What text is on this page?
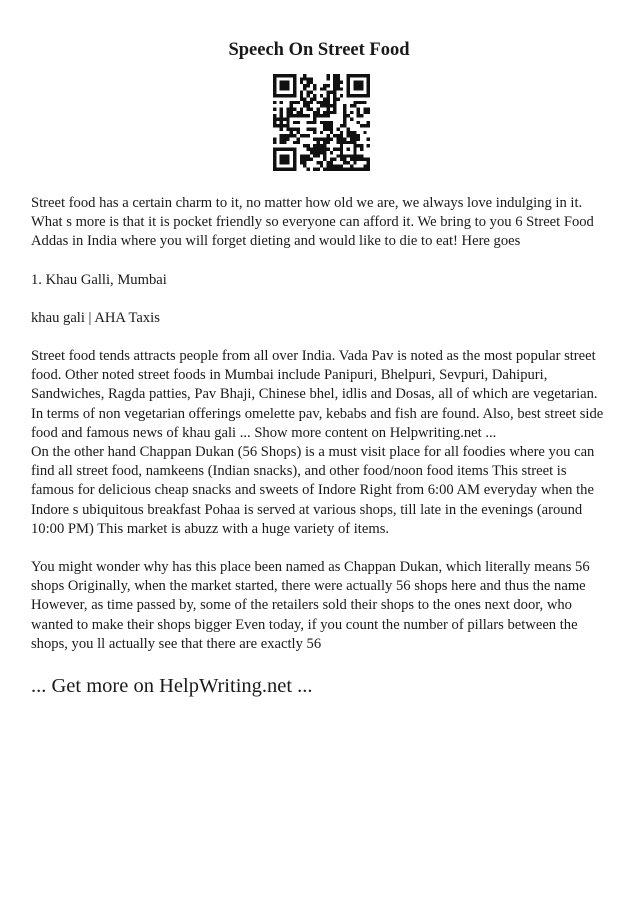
Speech On Street Food

Street food has a certain charm to it, no matter how old we are, we always love indulging in it. What s more is that it is pocket friendly so everyone can afford it. We bring to you 6 Street Food Addas in India where you will forget dieting and would like to die to eat! Here goes

1. Khau Galli, Mumbai

khau gali | AHA Taxis

Street food tends attracts people from all over India. Vada Pav is noted as the most popular street food. Other noted street foods in Mumbai include Panipuri, Bhelpuri, Sevpuri, Dahipuri, Sandwiches, Ragda patties, Pav Bhaji, Chinese bhel, idlis and Dosas, all of which are vegetarian. In terms of non vegetarian offerings omelette pav, kebabs and fish are found. Also, best street side food and famous news of khau gali ... Show more content on Helpwriting.net ...

On the other hand Chappan Dukan (56 Shops) is a must visit place for all foodies where you can find all street food, namkeens (Indian snacks), and other food/noon food items This street is famous for delicious cheap snacks and sweets of Indore Right from 6:00 AM everyday when the Indore s ubiquitous breakfast Pohaa is served at various shops, till late in the evenings (around 10:00 PM) This market is abuzz with a huge variety of items.

You might wonder why has this place been named as Chappan Dukan, which literally means 56 shops Originally, when the market started, there were actually 56 shops here and thus the name However, as time passed by, some of the retailers sold their shops to the ones next door, who wanted to make their shops bigger Even today, if you count the number of pillars between the shops, you ll actually see that there are exactly 56

... Get more on HelpWriting.net ...
